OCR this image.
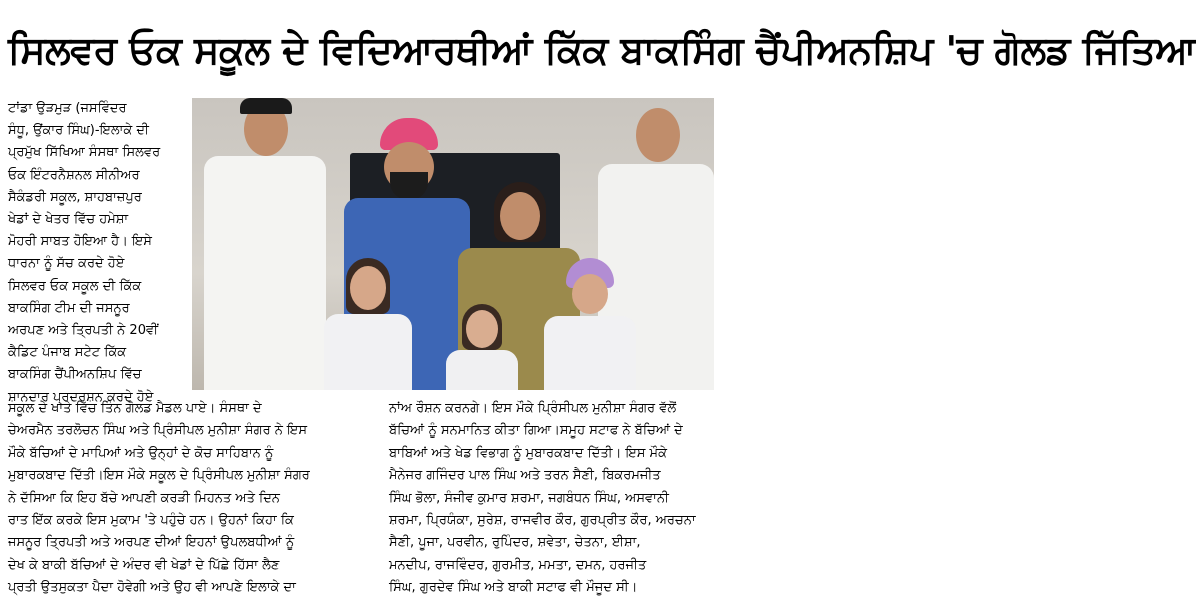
ਸਿਲਵਰ ਓਕ ਸਕੂਲ ਦੇ ਵਿਦਿਆਰਥੀਆਂ ਕਿੱਕ ਬਾਕਸਿੰਗ ਚੈਂਪੀਅਨਸ਼ਿਪ 'ਚ ਗੋਲਡ ਜਿੱਤਿਆ
ਟਾਂਡਾ ਉੜਮੁੜ (ਜਸਵਿੰਦਰ
ਸੰਧੂ, ਉਂਕਾਰ ਸਿੰਘ)-ਇਲਾਕੇ ਦੀ
ਪ੍ਰਮੁੱਖ ਸਿੱਖਿਆ ਸੰਸਥਾ ਸਿਲਵਰ
ਓਕ ਇੰਟਰਨੈਸ਼ਨਲ ਸੀਨੀਅਰ
ਸੈਕੰਡਰੀ ਸਕੂਲ, ਸ਼ਾਹਬਾਜ਼ਪੁਰ
ਖੇਡਾਂ ਦੇ ਖੇਤਰ ਵਿੱਚ ਹਮੇਸ਼ਾ
ਮੋਹਰੀ ਸਾਬਤ ਹੋਇਆ ਹੈ। ਇਸੇ
ਧਾਰਨਾ ਨੂੰ ਸੱਚ ਕਰਦੇ ਹੋਏ
ਸਿਲਵਰ ਓਕ ਸਕੂਲ ਦੀ ਕਿੱਕ
ਬਾਕਸਿੰਗ ਟੀਮ ਦੀ ਜਸਨੂਰ
ਅਰਪਣ ਅਤੇ ਤ੍ਰਿਪਤੀ ਨੇ 20ਵੀਂ
ਕੈਡਿਟ ਪੰਜਾਬ ਸਟੇਟ ਕਿੱਕ
ਬਾਕਸਿੰਗ ਚੈਂਪੀਅਨਸ਼ਿਪ ਵਿੱਚ
ਸ਼ਾਨਦਾਰ ਪ੍ਰਦਰਸ਼ਨ ਕਰਦੇ ਹੋਏ
ਸਕੂਲ ਦੇ ਖਾਤੇ ਵਿੱਚ ਤਿੰਨ ਗੋਲਡ ਮੈਡਲ ਪਾਏ। ਸੰਸਥਾ ਦੇ	ਨਾਂਅ ਰੌਸ਼ਨ ਕਰਨਗੇ। ਇਸ ਮੌਕੇ ਪ੍ਰਿੰਸੀਪਲ ਮੁਨੀਸ਼ਾ ਸੰਗਰ ਵੱਲੋਂ
ਚੇਅਰਮੈਨ ਤਰਲੋਚਨ ਸਿੰਘ ਅਤੇ ਪ੍ਰਿੰਸੀਪਲ ਮੁਨੀਸ਼ਾ ਸੰਗਰ ਨੇ ਇਸ	ਬੱਚਿਆਂ ਨੂੰ ਸਨਮਾਨਿਤ ਕੀਤਾ ਗਿਆ।ਸਮੂਹ ਸਟਾਫ ਨੇ ਬੱਚਿਆਂ ਦੇ
ਮੌਕੇ ਬੱਚਿਆਂ ਦੇ ਮਾਪਿਆਂ ਅਤੇ ਉਨ੍ਹਾਂ ਦੇ ਕੋਚ ਸਾਹਿਬਾਨ ਨੂੰ	ਬਾਬਿਆਂ ਅਤੇ ਖੇਡ ਵਿਭਾਗ ਨੂੰ ਮੁਬਾਰਕਬਾਦ ਦਿੱਤੀ। ਇਸ ਮੌਕੇ
ਮੁਬਾਰਕਬਾਦ ਦਿੱਤੀ।ਇਸ ਮੌਕੇ ਸਕੂਲ ਦੇ ਪ੍ਰਿੰਸੀਪਲ ਮੁਨੀਸ਼ਾ ਸੰਗਰ	ਮੈਨੇਜਰ ਗਜਿੰਦਰ ਪਾਲ ਸਿੰਘ ਅਤੇ ਤਰਨ ਸੈਣੀ, ਬਿਕਰਮਜੀਤ
ਨੇ ਦੱਸਿਆ ਕਿ ਇਹ ਬੱਚੇ ਆਪਣੀ ਕਰੜੀ ਮਿਹਨਤ ਅਤੇ ਦਿਨ	ਸਿੰਘ ਭੋਲਾ, ਸੰਜੀਵ ਕੁਮਾਰ ਸ਼ਰਮਾ, ਜਗਬੰਧਨ ਸਿੰਘ, ਅਸਵਾਨੀ
ਰਾਤ ਇੱਕ ਕਰਕੇ ਇਸ ਮੁਕਾਮ 'ਤੇ ਪਹੁੰਚੇ ਹਨ। ਉਹਨਾਂ ਕਿਹਾ ਕਿ	ਸ਼ਰਮਾ, ਪ੍ਰਿਯੰਕਾ, ਸੁਰੇਸ਼, ਰਾਜਵੀਰ ਕੌਰ, ਗੁਰਪ੍ਰੀਤ ਕੌਰ, ਅਰਚਨਾ
ਜਸਨੂਰ ਤ੍ਰਿਪਤੀ ਅਤੇ ਅਰਪਣ ਦੀਆਂ ਇਹਨਾਂ ਉਪਲਬਧੀਆਂ ਨੂੰ	ਸੈਣੀ, ਪੂਜਾ, ਪਰਵੀਨ, ਰੁਪਿੰਦਰ, ਸ਼ਵੇਤਾ, ਚੇਤਨਾ, ਈਸ਼ਾ,
ਦੇਖ ਕੇ ਬਾਕੀ ਬੱਚਿਆਂ ਦੇ ਅੰਦਰ ਵੀ ਖੇਡਾਂ ਦੇ ਪਿੱਛੇ ਹਿੱਸਾ ਲੈਣ	ਮਨਦੀਪ, ਰਾਜਵਿੰਦਰ, ਗੁਰਮੀਤ, ਮਮਤਾ, ਦਮਨ, ਹਰਜੀਤ
ਪ੍ਰਤੀ ਉਤਸੁਕਤਾ ਪੈਦਾ ਹੋਵੇਗੀ ਅਤੇ ਉਹ ਵੀ ਆਪਣੇ ਇਲਾਕੇ ਦਾ	ਸਿੰਘ, ਗੁਰਦੇਵ ਸਿੰਘ ਅਤੇ ਬਾਕੀ ਸਟਾਫ ਵੀ ਮੌਜੂਦ ਸੀ।
